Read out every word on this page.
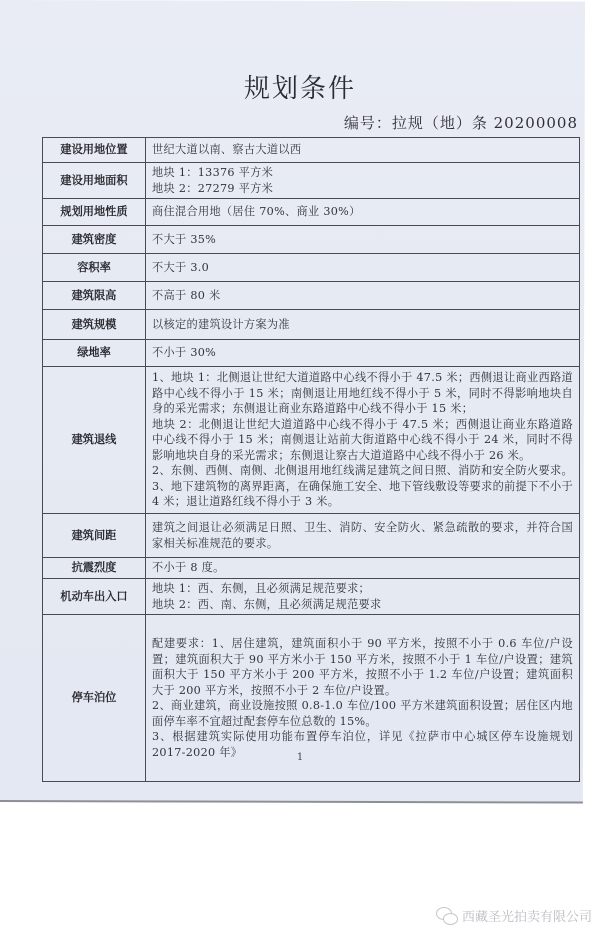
规划条件
编号：拉规（地）条 20200008
建设用地位置	世纪大道以南、察古大道以西

建设用地面积	地块 1：13376 平方米
地块 2：27279 平方米

规划用地性质	商住混合用地（居住 70%、商业 30%）

建筑密度	不大于 35%

容积率	不大于 3.0

建筑限高	不高于 80 米

建筑规模	以核定的建筑设计方案为准

绿地率	不小于 30%

建筑退线	1、地块 1：北侧退让世纪大道道路中心线不得小于 47.5 米；西侧退让商业西路道路中心线不得小于 15 米；南侧退让用地红线不得小于 5 米，同时不得影响地块自身的采光需求；东侧退让商业东路道路中心线不得小于 15 米；
地块 2：北侧退让世纪大道道路中心线不得小于 47.5 米；西侧退让商业东路道路中心线不得小于 15 米；南侧退让站前大街道路中心线不得小于 24 米，同时不得影响地块自身的采光需求；东侧退让察古大道道路中心线不得小于 26 米。
2、东侧、西侧、南侧、北侧退用地红线满足建筑之间日照、消防和安全防火要求。
3、地下建筑物的离界距离，在确保施工安全、地下管线敷设等要求的前提下不小于 4 米；退让道路红线不得小于 3 米。

建筑间距	建筑之间退让必须满足日照、卫生、消防、安全防火、紧急疏散的要求，并符合国家相关标准规范的要求。

抗震烈度	不小于 8 度。

机动车出入口	地块 1：西、东侧，且必须满足规范要求；
地块 2：西、南、东侧，且必须满足规范要求

停车泊位	配建要求：1、居住建筑，建筑面积小于 90 平方米，按照不小于 0.6 车位/户设置；建筑面积大于 90 平方米小于 150 平方米，按照不小于 1 车位/户设置；建筑面积大于 150 平方米小于 200 平方米，按照不小于 1.2 车位/户设置；建筑面积大于 200 平方米，按照不小于 2 车位/户设置。
2、商业建筑，商业设施按照 0.8-1.0 车位/100 平方米建筑面积设置；居住区内地面停车率不宜超过配套停车位总数的 15%。
3、根据建筑实际使用功能布置停车泊位，详见《拉萨市中心城区停车设施规划 2017-2020 年》	1
西藏圣光拍卖有限公司
